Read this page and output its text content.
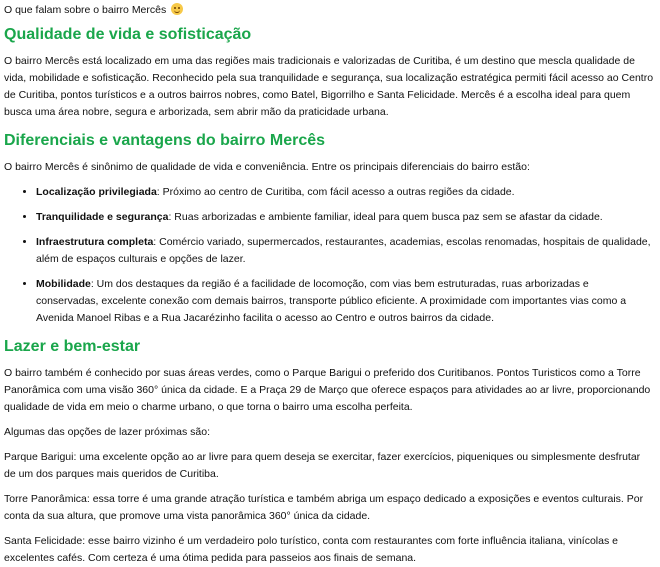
O que falam sobre o bairro Mercês

Qualidade de vida e sofisticação

O bairro Mercês está localizado em uma das regiões mais tradicionais e valorizadas de Curitiba, é um destino que mescla qualidade de vida, mobilidade e sofisticação. Reconhecido pela sua tranquilidade e segurança, sua localização estratégica permiti fácil acesso ao Centro de Curitiba, pontos turísticos e a outros bairros nobres, como Batel, Bigorrilho e Santa Felicidade. Mercês é a escolha ideal para quem busca uma área nobre, segura e arborizada, sem abrir mão da praticidade urbana.

Diferenciais e vantagens do bairro Mercês

O bairro Mercês é sinônimo de qualidade de vida e conveniência. Entre os principais diferenciais do bairro estão:

• Localização privilegiada: Próximo ao centro de Curitiba, com fácil acesso a outras regiões da cidade.
• Tranquilidade e segurança: Ruas arborizadas e ambiente familiar, ideal para quem busca paz sem se afastar da cidade.
• Infraestrutura completa: Comércio variado, supermercados, restaurantes, academias, escolas renomadas, hospitais de qualidade, além de espaços culturais e opções de lazer.
• Mobilidade: Um dos destaques da região é a facilidade de locomoção, com vias bem estruturadas, ruas arborizadas e conservadas, excelente conexão com demais bairros, transporte público eficiente. A proximidade com importantes vias como a Avenida Manoel Ribas e a Rua Jacarézinho facilita o acesso ao Centro e outros bairros da cidade.
Lazer e bem-estar

O bairro também é conhecido por suas áreas verdes, como o Parque Barigui o preferido dos Curitibanos. Pontos Turisticos como a Torre Panorâmica com uma visão 360° única da cidade. E a Praça 29 de Março que oferece espaços para atividades ao ar livre, proporcionando qualidade de vida em meio o charme urbano, o que torna o bairro uma escolha perfeita.

Algumas das opções de lazer próximas são:

Parque Barigui: uma excelente opção ao ar livre para quem deseja se exercitar, fazer exercícios, piqueniques ou simplesmente desfrutar de um dos parques mais queridos de Curitiba.

Torre Panorâmica: essa torre é uma grande atração turística e também abriga um espaço dedicado a exposições e eventos culturais. Por conta da sua altura, que promove uma vista panorâmica 360° única da cidade.

Santa Felicidade: esse bairro vizinho é um verdadeiro polo turístico, conta com restaurantes com forte influência italiana, vinícolas e excelentes cafés. Com certeza é uma ótima pedida para passeios aos finais de semana.
